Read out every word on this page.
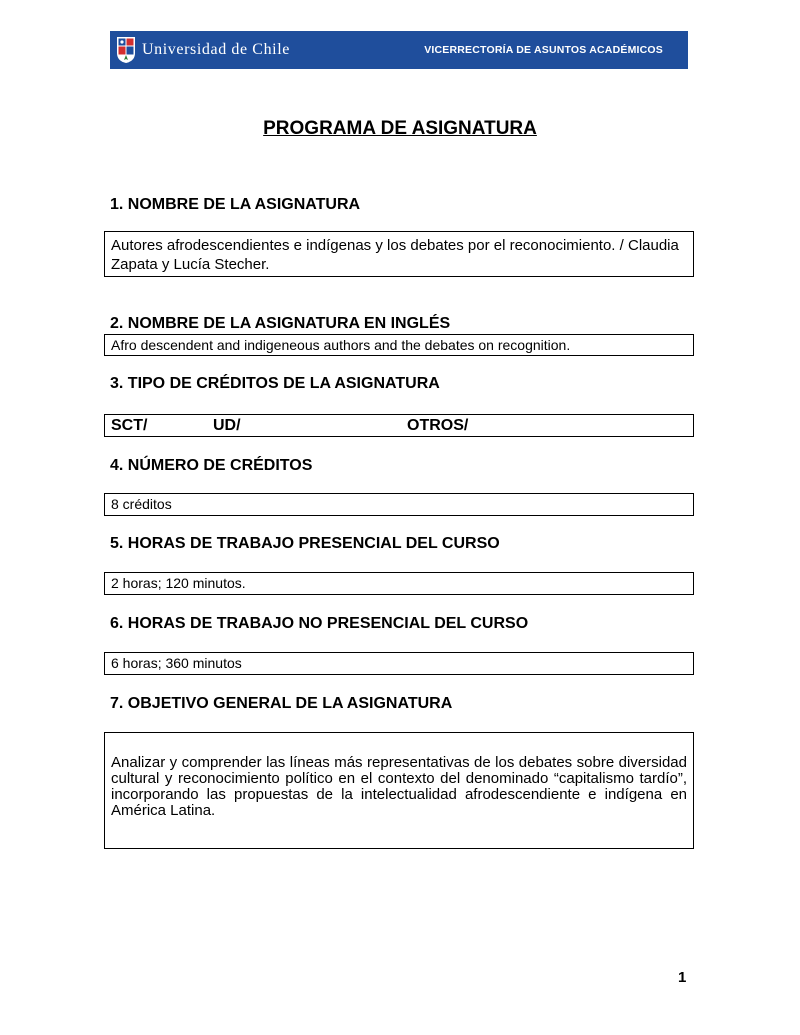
Universidad de Chile	VICERRECTORÍA DE ASUNTOS ACADÉMICOS
PROGRAMA DE ASIGNATURA
1. NOMBRE DE LA ASIGNATURA
Autores afrodescendientes e indígenas y los debates por el reconocimiento. / Claudia Zapata y Lucía Stecher.
2. NOMBRE DE LA ASIGNATURA EN INGLÉS
Afro descendent and indigeneous authors and the debates on recognition.
3. TIPO DE CRÉDITOS DE LA ASIGNATURA
SCT/	UD/	OTROS/
4. NÚMERO DE CRÉDITOS
8 créditos
5. HORAS DE TRABAJO PRESENCIAL DEL CURSO
2 horas; 120 minutos.
6. HORAS DE TRABAJO NO PRESENCIAL DEL CURSO
6 horas; 360 minutos
7. OBJETIVO GENERAL DE LA ASIGNATURA
Analizar y comprender las líneas más representativas de los debates sobre diversidad cultural y reconocimiento político en el contexto del denominado “capitalismo tardío”, incorporando las propuestas de la intelectualidad afrodescendiente e indígena en América Latina.
1
